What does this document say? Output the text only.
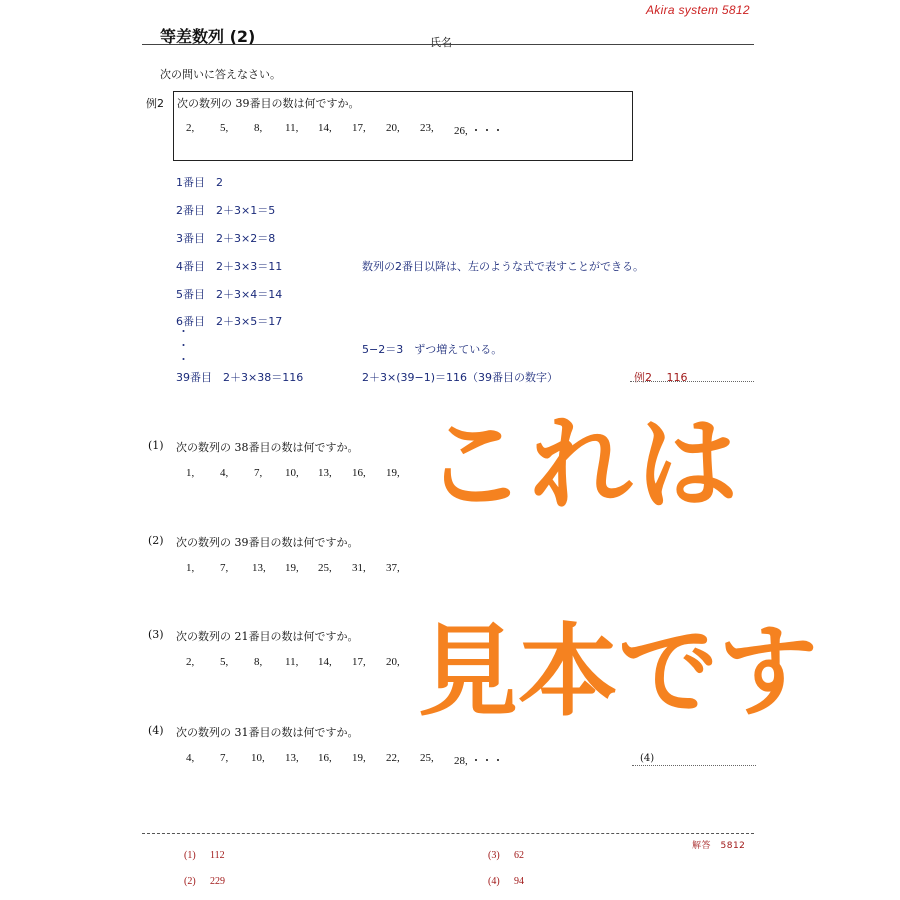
Akira system 5812
等差数列 (2)	氏名
次の問いに答えなさい。
例2 次の数列の 39番目の数は何ですか。
2, 5, 8, 11, 14, 17, 20, 23, 26, ・・・
1番目　2
2番目　2＋3×1＝5
3番目　2＋3×2＝8
4番目　2＋3×3＝11
5番目　2＋3×4＝14
6番目　2＋3×5＝17
・
・
・
39番目　2＋3×38＝116
数列の2番目以降は、左のような式で表すことができる。
5−2＝3　ずつ増えている。
2＋3×(39−1)＝116（39番目の数字）	例2　 116
(1) 次の数列の 38番目の数は何ですか。
1, 4, 7, 10, 13, 16, 19,
(2) 次の数列の 39番目の数は何ですか。
1, 7, 13, 19, 25, 31, 37,
(3) 次の数列の 21番目の数は何ですか。
2, 5, 8, 11, 14, 17, 20,
(4) 次の数列の 31番目の数は何ですか。
4, 7, 10, 13, 16, 19, 22, 25, 28, ・・・	(4)
これは
見本です
解答　5812
(1) 112
(2) 229
(3) 62
(4) 94
